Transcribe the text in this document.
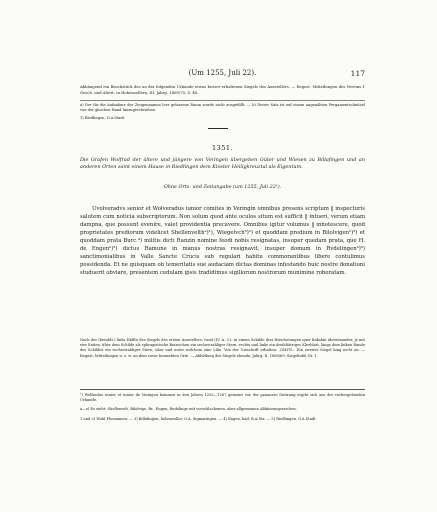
(Um 1255, Juli 22).	117

Abbängend ein Bruchstück des an der folgenden Urkunde etwas besser erhaltenen Siegels des Ausstellers. — Regest: Mitteilungen des Vereins f. Gesch. und Altert. in Hohenzollern, III. Jahrg. 1869/70, S. 48.

a) Der für die Aufnahme der Zeugennamen leer gelassene Raum wurde nicht ausgefüllt. — b) Dieser Satz ist auf einem angenähten Pergamentschnitzel von der gleichen Hand hinzugeschrieben.

1) Riedlingen, O.A.Stadt.

1351.
Die Grafen Wolfrad der ältere und jüngere von Veringen übergeben Güter und Wiesen zu Billafingen und an anderen Orten samt einem Hause in Riedlingen dem Kloster Heiligkreuztal als Eigentum.
Ohne Orts- und Zeitangabe (um 1255, Juli 22¹).
Uvolveradvs senior et Wolveradus iunior comites in Veringin omnibus presens scriptum ‖ inspecturis salutem cum noticia subscriptorum. Non solum quod ante oculos situm est sufficit ‖ intueri, verum etiam dampna, que possunt evenire, valet providentia precavere. Omnibus igitur volumus ‖ innotescere, quod proprietates prediorum videlicet Shellenvelthᵃ)¹), Wiegelvchᵇ)²) et quoddam predium in Bilolvigenᵇ)³) et quoddam prata Burc.⁴) militis dicti Ranzin nomine feodi nobis resignatas, insuper quedam prata, que H. de Engenᵇ)⁵) dictus Ramune in manus nostras resignavit, insuper domum in Rvdelingenᵇ)⁶) sanctimonialibus in Valle Sancte Crucis sub regulari habitu commorantibus libere contulimus possidenda. Et ne quisquam ob temeritatis sue audaciam dictas dominas infestando huic nostre donationi studuerit obviare, presentem cedulam ipsis tradidimus sigillorum nostrorum munimine roboratam.

Nach der (beraldt.) links Hälfte des Siegels des ersten Ausstellers, rund (IV. A. 3.): in einem Schilde drei Hirschstangen quer linkshin übereinander, je mit vier Enden, über dem Schilde als sphragistische Beizeichen ein sechsstrahliger Stern, rechts und links ein dreiblättriges Kleeblatt, längs dem linken Rande des Schildes ein sechsstrahliger Stern, über und unter welchem eine Lilie. Von der Umschrift erhalten: .OMITI... Ein zweites Siegel hing nicht an. — Regest: Mitteilungen u. s. w. an dem zuvor bemerkten Orte. — Abbildung des Siegels ebenda, Jahrg. II. 1868/69, Siegeltafel Nr. 1.

¹) Wolfradus senior et iunior de Veringen kommen in den Jahren 1252—1267 gemeint vor, die genauere Datirung ergibt sich aus der vorhergehenden Urkunde.

a—e) Es steht: Shellenvelt, Bilolvige, Br., Engen, Rvdelinge mit vorschlechenen, aber allgemeinen Abkürzungszeichen.

1 und 2) Wohl Fluenamen. — 3) Billafingen, hohenzoller. O.A. Sigmaringen. — 4) Engen, bad. B.A.Stz. — 5) Riedlingen, O.A.Stadt.
